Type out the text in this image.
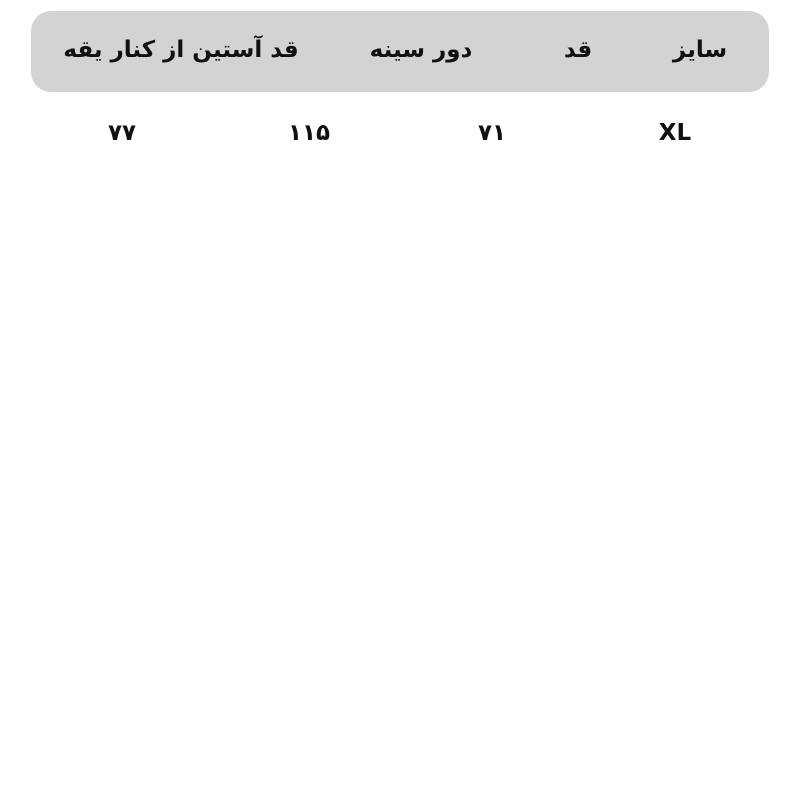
سایز
قد
دور سینه
قد آستین از کنار یقه
XL
۷۱
۱۱۵
۷۷
